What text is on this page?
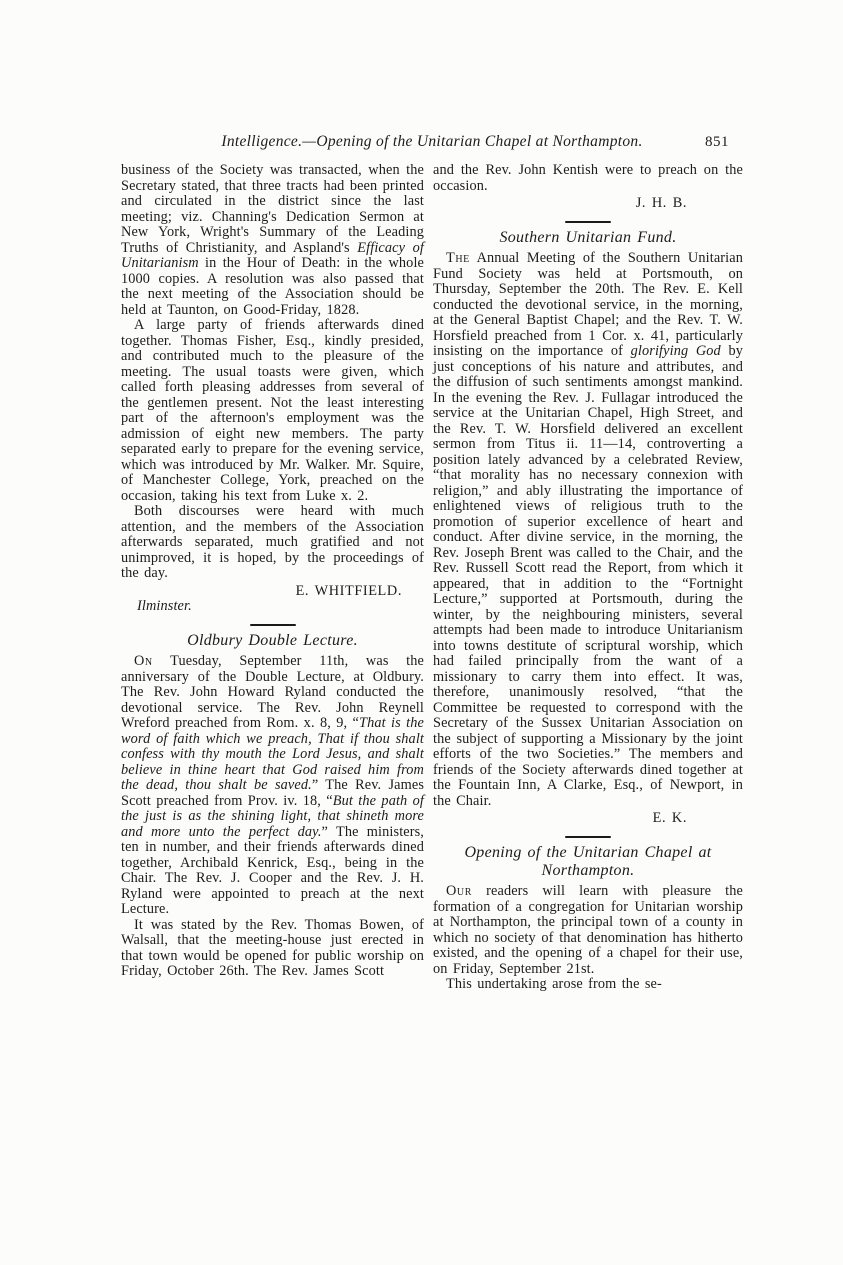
Intelligence.—Opening of the Unitarian Chapel at Northampton.	851

business of the Society was transacted, when the Secretary stated, that three tracts had been printed and circulated in the district since the last meeting; viz. Channing's Dedication Sermon at New York, Wright's Summary of the Leading Truths of Christianity, and Aspland's Efficacy of Unitarianism in the Hour of Death: in the whole 1000 copies. A resolution was also passed that the next meeting of the Association should be held at Taunton, on Good-Friday, 1828.

A large party of friends afterwards dined together. Thomas Fisher, Esq., kindly presided, and contributed much to the pleasure of the meeting. The usual toasts were given, which called forth pleasing addresses from several of the gentlemen present. Not the least interesting part of the afternoon's employment was the admission of eight new members. The party separated early to prepare for the evening service, which was introduced by Mr. Walker. Mr. Squire, of Manchester College, York, preached on the occasion, taking his text from Luke x. 2.

Both discourses were heard with much attention, and the members of the Association afterwards separated, much gratified and not unimproved, it is hoped, by the proceedings of the day.

E. WHITFIELD.
Ilminster.
Oldbury Double Lecture.

On Tuesday, September 11th, was the anniversary of the Double Lecture, at Oldbury. The Rev. John Howard Ryland conducted the devotional service. The Rev. John Reynell Wreford preached from Rom. x. 8, 9, “That is the word of faith which we preach, That if thou shalt confess with thy mouth the Lord Jesus, and shalt believe in thine heart that God raised him from the dead, thou shalt be saved.” The Rev. James Scott preached from Prov. iv. 18, “But the path of the just is as the shining light, that shineth more and more unto the perfect day.” The ministers, ten in number, and their friends afterwards dined together, Archibald Kenrick, Esq., being in the Chair. The Rev. J. Cooper and the Rev. J. H. Ryland were appointed to preach at the next Lecture.

It was stated by the Rev. Thomas Bowen, of Walsall, that the meeting-house just erected in that town would be opened for public worship on Friday, October 26th. The Rev. James Scott

and the Rev. John Kentish were to preach on the occasion.

J. H. B.
Southern Unitarian Fund.

The Annual Meeting of the Southern Unitarian Fund Society was held at Portsmouth, on Thursday, September the 20th. The Rev. E. Kell conducted the devotional service, in the morning, at the General Baptist Chapel; and the Rev. T. W. Horsfield preached from 1 Cor. x. 41, particularly insisting on the importance of glorifying God by just conceptions of his nature and attributes, and the diffusion of such sentiments amongst mankind. In the evening the Rev. J. Fullagar introduced the service at the Unitarian Chapel, High Street, and the Rev. T. W. Horsfield delivered an excellent sermon from Titus ii. 11—14, controverting a position lately advanced by a celebrated Review, “that morality has no necessary connexion with religion,” and ably illustrating the importance of enlightened views of religious truth to the promotion of superior excellence of heart and conduct. After divine service, in the morning, the Rev. Joseph Brent was called to the Chair, and the Rev. Russell Scott read the Report, from which it appeared, that in addition to the “Fortnight Lecture,” supported at Portsmouth, during the winter, by the neighbouring ministers, several attempts had been made to introduce Unitarianism into towns destitute of scriptural worship, which had failed principally from the want of a missionary to carry them into effect. It was, therefore, unanimously resolved, “that the Committee be requested to correspond with the Secretary of the Sussex Unitarian Association on the subject of supporting a Missionary by the joint efforts of the two Societies.” The members and friends of the Society afterwards dined together at the Fountain Inn, A Clarke, Esq., of Newport, in the Chair.

E. K.
Opening of the Unitarian Chapel at Northampton.

Our readers will learn with pleasure the formation of a congregation for Unitarian worship at Northampton, the principal town of a county in which no society of that denomination has hitherto existed, and the opening of a chapel for their use, on Friday, September 21st.

This undertaking arose from the se-
